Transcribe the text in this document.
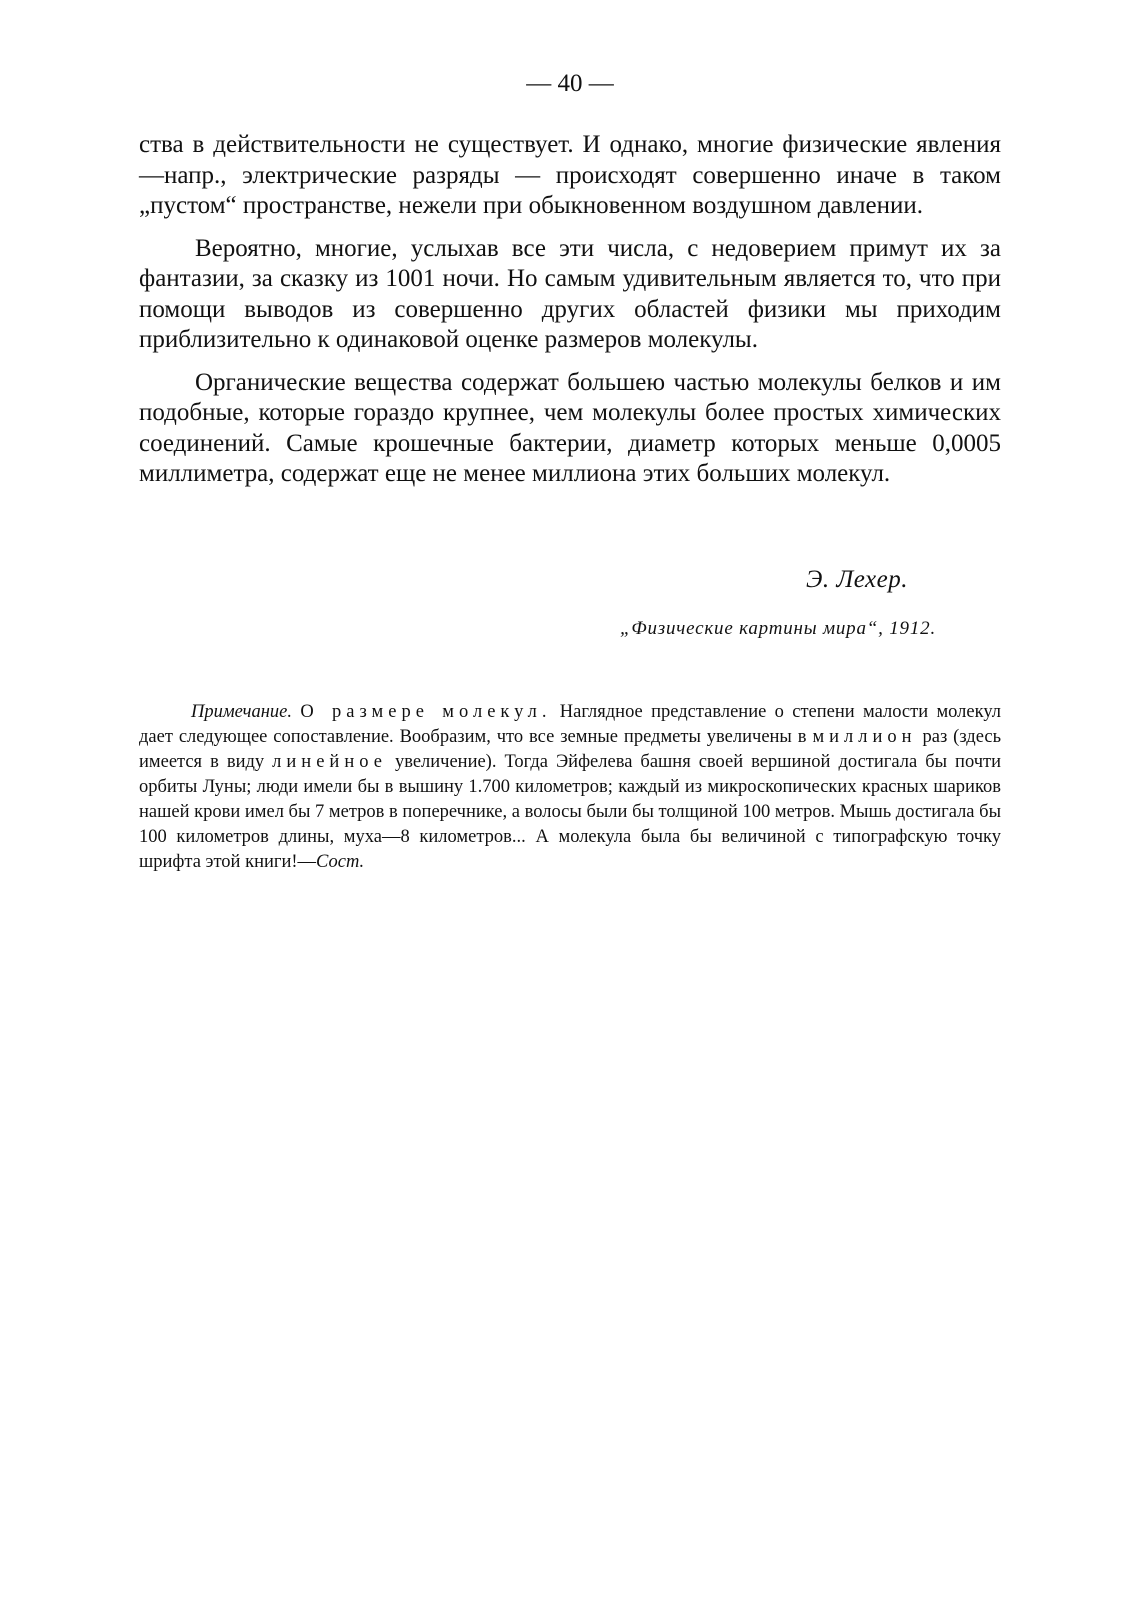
— 40 —

ства в действительности не существует. И однако, многие физические явления—напр., электрические разряды — происходят совершенно иначе в таком „пустом“ пространстве, нежели при обыкновенном воздушном давлении.

Вероятно, многие, услыхав все эти числа, с недоверием примут их за фантазии, за сказку из 1001 ночи. Но самым удивительным является то, что при помощи выводов из совершенно других областей физики мы приходим приблизительно к одинаковой оценке размеров молекулы.

Органические вещества содержат большею частью молекулы белков и им подобные, которые гораздо крупнее, чем молекулы более простых химических соединений. Самые крошечные бактерии, диаметр которых меньше 0,0005 миллиметра, содержат еще не менее миллиона этих больших молекул.

Э. Лехер.
„Физические картины мира“, 1912.

Примечание. О размере молекул. Наглядное представление о степени малости молекул дает следующее сопоставление. Вообразим, что все земные предметы увеличены в миллион раз (здесь имеется в виду линейное увеличение). Тогда Эйфелева башня своей вершиной достигала бы почти орбиты Луны; люди имели бы в вышину 1.700 километров; каждый из микроскопических красных шариков нашей крови имел бы 7 метров в поперечнике, а волосы были бы толщиной 100 метров. Мышь достигала бы 100 километров длины, муха—8 километров... А молекула была бы величиной с типографскую точку шрифта этой книги!—Сост.
